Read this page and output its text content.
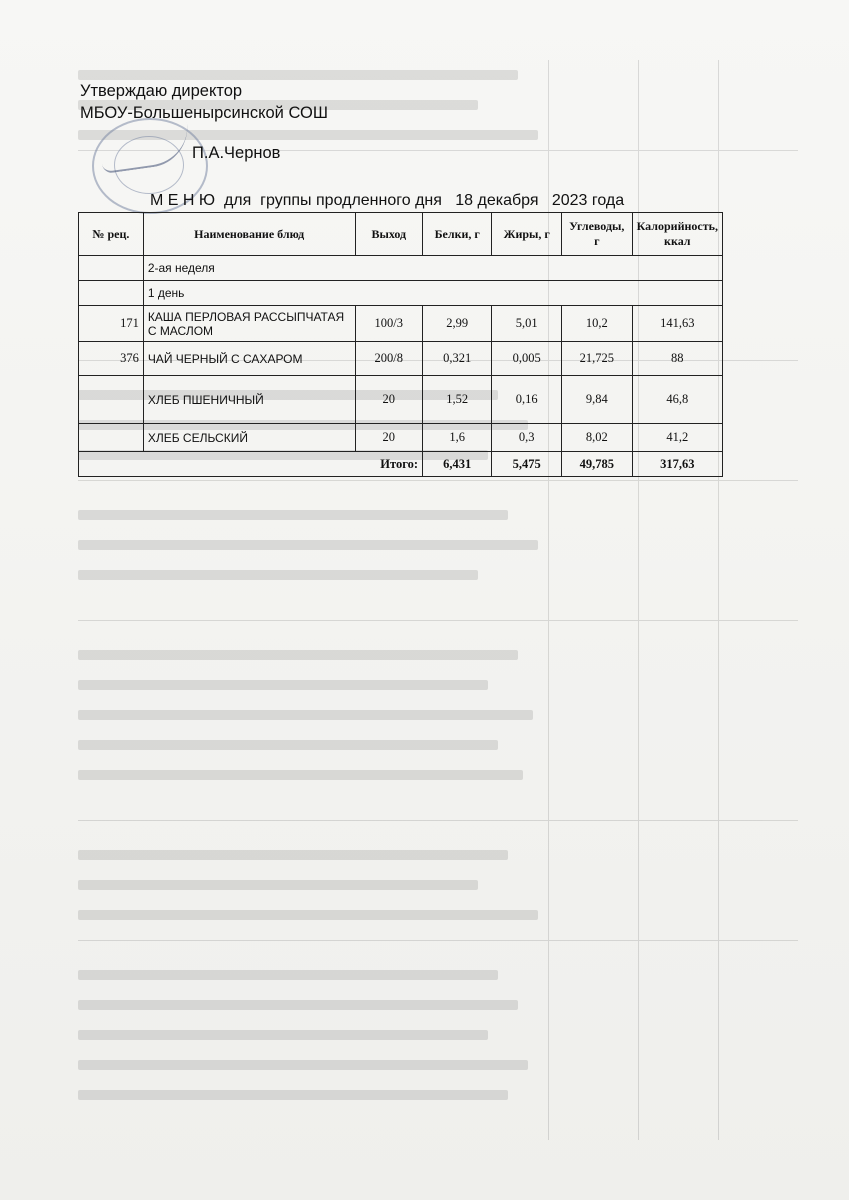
Утверждаю директор
МБОУ-Большенырсинской СОШ
П.А.Чернов
М Е Н Ю  для  группы продленного дня   18 декабря   2023 года
№ рец.	Наименование блюд	Выход	Белки, г	Жиры, г	Углеводы, г	Калорийность, ккал
	2-ая неделя					
	1 день					
171	КАША ПЕРЛОВАЯ РАССЫПЧАТАЯ С МАСЛОМ	100/3	2,99	5,01	10,2	141,63
376	ЧАЙ ЧЕРНЫЙ С САХАРОМ	200/8	0,321	0,005	21,725	88
	ХЛЕБ ПШЕНИЧНЫЙ	20	1,52	0,16	9,84	46,8
	ХЛЕБ СЕЛЬСКИЙ	20	1,6	0,3	8,02	41,2
Итого:			6,431	5,475	49,785	317,63
